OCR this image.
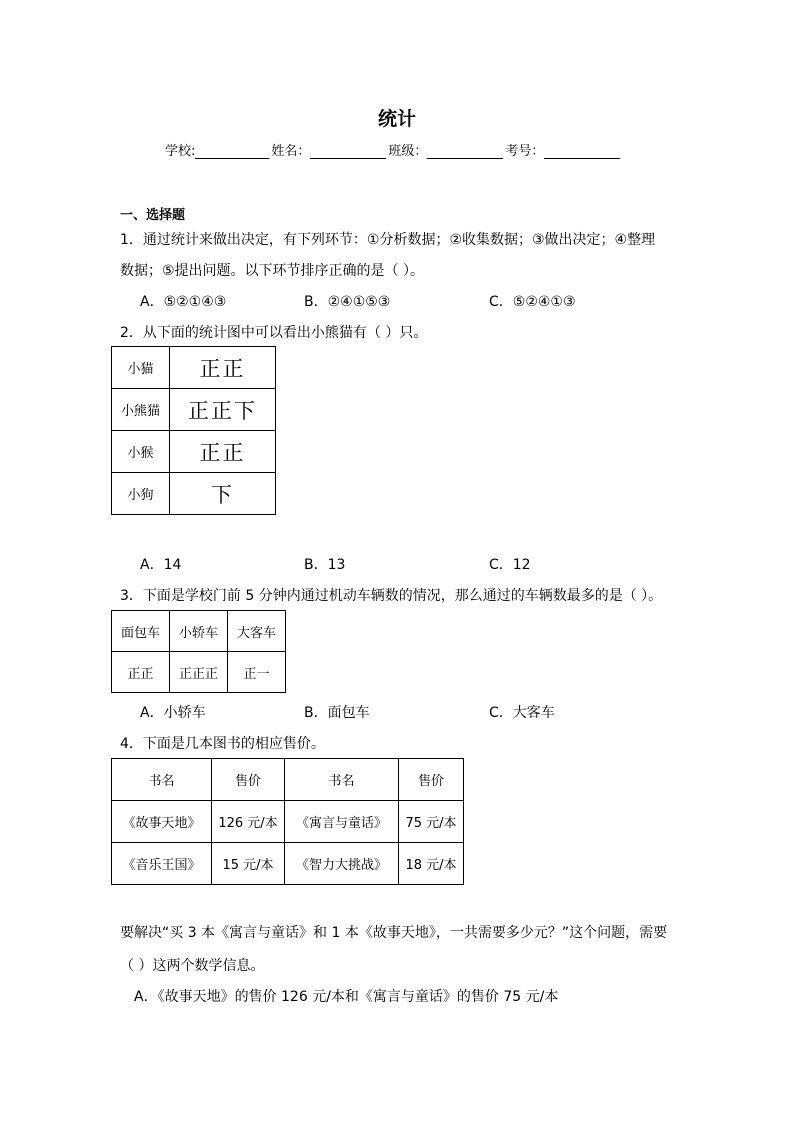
统计
学校:	姓名：	班级：	考号：
一、选择题
1．通过统计来做出决定，有下列环节：①分析数据；②收集数据；③做出决定；④整理
数据；⑤提出问题。以下环节排序正确的是（ ）。
A．⑤②①④③	B．②④①⑤③	C．⑤②④①③
2．从下面的统计图中可以看出小熊猫有（ ）只。
小猫	正正
小熊猫	正正下
小猴	正正
小狗	下
A．14	B．13	C．12
3．下面是学校门前 5 分钟内通过机动车辆数的情况，那么通过的车辆数最多的是（ ）。
面包车	小轿车	大客车
正正	正正正	正一
A．小轿车	B．面包车	C．大客车
4．下面是几本图书的相应售价。
书名	售价	书名	售价
《故事天地》	126 元/本	《寓言与童话》	75 元/本
《音乐王国》	15 元/本	《智力大挑战》	18 元/本
要解决“买 3 本《寓言与童话》和 1 本《故事天地》，一共需要多少元？”这个问题，需要
（ ）这两个数学信息。
A．《故事天地》的售价 126 元/本和《寓言与童话》的售价 75 元/本
